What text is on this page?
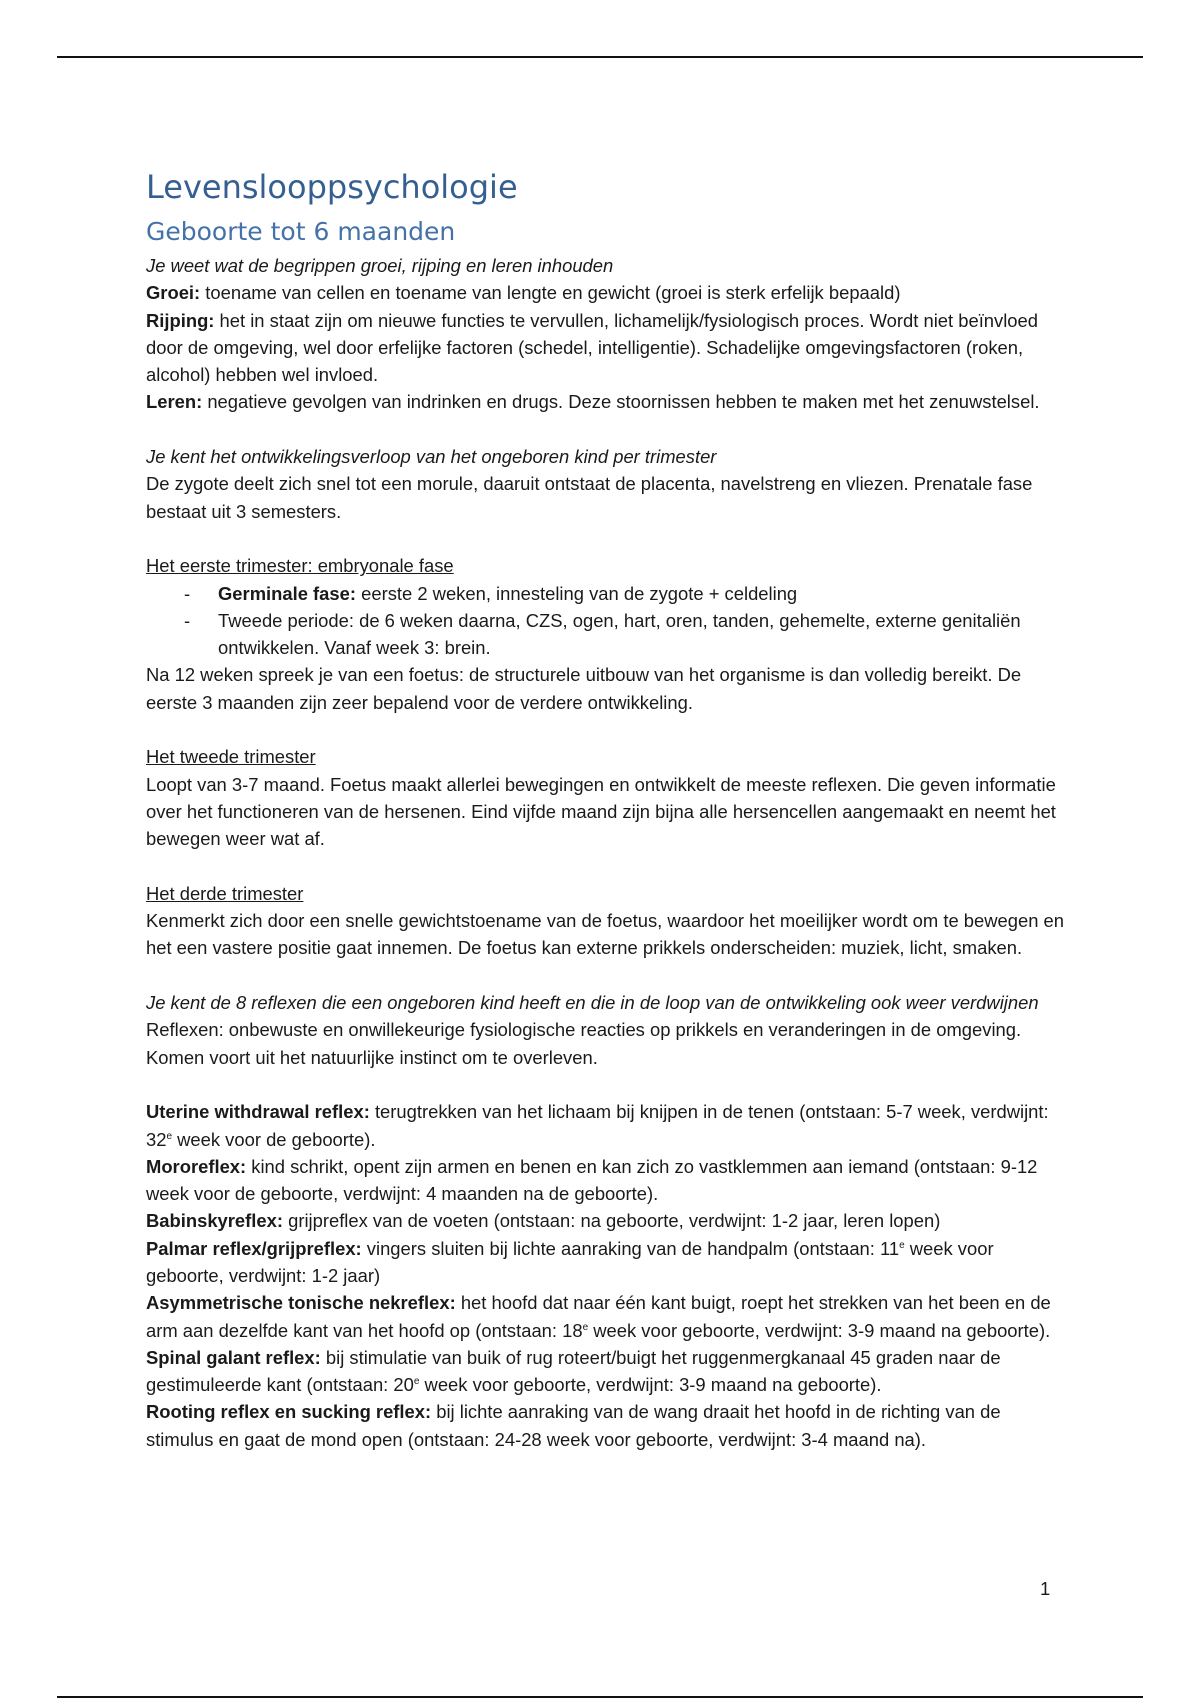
Levenslooppsychologie
Geboorte tot 6 maanden

Je weet wat de begrippen groei, rijping en leren inhouden

Groei: toename van cellen en toename van lengte en gewicht (groei is sterk erfelijk bepaald)

Rijping: het in staat zijn om nieuwe functies te vervullen, lichamelijk/fysiologisch proces. Wordt niet beïnvloed door de omgeving, wel door erfelijke factoren (schedel, intelligentie). Schadelijke omgevingsfactoren (roken, alcohol) hebben wel invloed.

Leren: negatieve gevolgen van indrinken en drugs. Deze stoornissen hebben te maken met het zenuwstelsel.

Je kent het ontwikkelingsverloop van het ongeboren kind per trimester

De zygote deelt zich snel tot een morule, daaruit ontstaat de placenta, navelstreng en vliezen. Prenatale fase bestaat uit 3 semesters.

Het eerste trimester: embryonale fase

- Germinale fase: eerste 2 weken, innesteling van de zygote + celdeling
- Tweede periode: de 6 weken daarna, CZS, ogen, hart, oren, tanden, gehemelte, externe genitaliën ontwikkelen. Vanaf week 3: brein.

Na 12 weken spreek je van een foetus: de structurele uitbouw van het organisme is dan volledig bereikt. De eerste 3 maanden zijn zeer bepalend voor de verdere ontwikkeling.

Het tweede trimester

Loopt van 3-7 maand. Foetus maakt allerlei bewegingen en ontwikkelt de meeste reflexen. Die geven informatie over het functioneren van de hersenen. Eind vijfde maand zijn bijna alle hersencellen aangemaakt en neemt het bewegen weer wat af.

Het derde trimester

Kenmerkt zich door een snelle gewichtstoename van de foetus, waardoor het moeilijker wordt om te bewegen en het een vastere positie gaat innemen. De foetus kan externe prikkels onderscheiden: muziek, licht, smaken.

Je kent de 8 reflexen die een ongeboren kind heeft en die in de loop van de ontwikkeling ook weer verdwijnen

Reflexen: onbewuste en onwillekeurige fysiologische reacties op prikkels en veranderingen in de omgeving. Komen voort uit het natuurlijke instinct om te overleven.

Uterine withdrawal reflex: terugtrekken van het lichaam bij knijpen in de tenen (ontstaan: 5-7 week, verdwijnt: 32e week voor de geboorte).

Mororeflex: kind schrikt, opent zijn armen en benen en kan zich zo vastklemmen aan iemand (ontstaan: 9-12 week voor de geboorte, verdwijnt: 4 maanden na de geboorte).

Babinskyreflex: grijpreflex van de voeten (ontstaan: na geboorte, verdwijnt: 1-2 jaar, leren lopen)

Palmar reflex/grijpreflex: vingers sluiten bij lichte aanraking van de handpalm (ontstaan: 11e week voor geboorte, verdwijnt: 1-2 jaar)

Asymmetrische tonische nekreflex: het hoofd dat naar één kant buigt, roept het strekken van het been en de arm aan dezelfde kant van het hoofd op (ontstaan: 18e week voor geboorte, verdwijnt: 3-9 maand na geboorte).

Spinal galant reflex: bij stimulatie van buik of rug roteert/buigt het ruggenmergkanaal 45 graden naar de gestimuleerde kant (ontstaan: 20e week voor geboorte, verdwijnt: 3-9 maand na geboorte).

Rooting reflex en sucking reflex: bij lichte aanraking van de wang draait het hoofd in de richting van de stimulus en gaat de mond open (ontstaan: 24-28 week voor geboorte, verdwijnt: 3-4 maand na).

1
